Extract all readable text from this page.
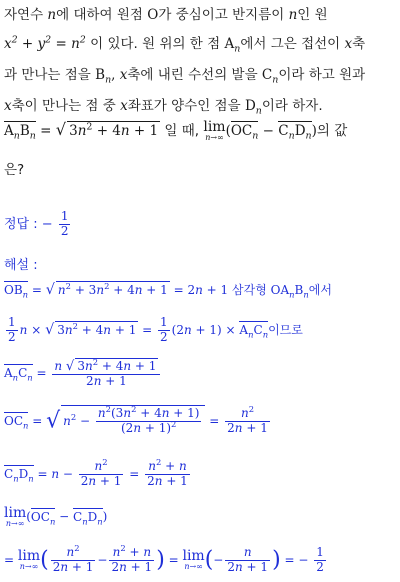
자연수 n에 대하여 원점 O가 중심이고 반지름이 n인 원
$x^2 + y^2 = n^2$ 이 있다. 원 위의 한 점 $A_n$에서 그은 접선이 x축
과 만나는 점을 $B_n$, x축에 내린 수선의 발을 $C_n$이라 하고 원과
x축이 만나는 점 중 x좌표가 양수인 점을 $D_n$이라 하자.
$A_nB_n$ = √ $3n^2 + 4n + 1$ 일 때, lim
n→∞ $(OC_n - C_nD_n)$의 값
은?
정답 : − $\frac{1}{2}$
해설 :
$OB_n$ = √ $n^2 + 3n^2 + 4n + 1 = 2n + 1$ 삼각형 $OA_nB_n$에서
$\frac{1}{2}$ n × √ $3n^2 + 4n + 1 = \frac{1}{2} (2n + 1) \times A_nC_n$이므로
$A_nC_n = \frac{n √ 3n^2 + 4n + 1}{2n + 1}$
$OC_n$ = √ $n^2 - \frac{n^2(3n^2 + 4n + 1)}{(2n + 1)^2} = \frac{n^2}{2n + 1}$
$C_nD_n = n - \frac{n^2}{2n + 1} = \frac{n^2 + n}{2n + 1}$
lim
n→∞ $(OC_n - C_nD_n)$
= lim
n→∞ ( $\frac{n^2}{2n + 1} - \frac{n^2 + n}{2n + 1}$ ) = lim
n→∞ (− $\frac{n}{2n + 1}$ ) = − $\frac{1}{2}$
